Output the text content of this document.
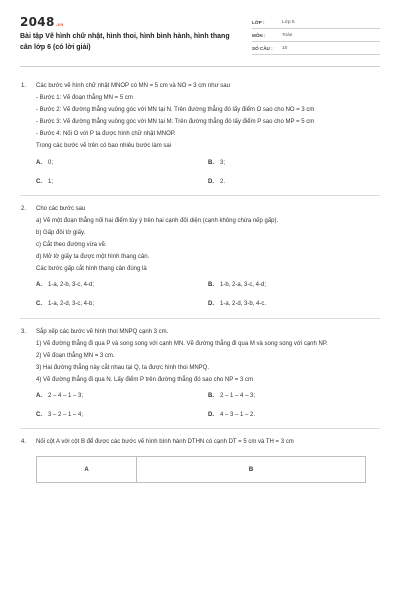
2048.vn
Bài tập Vẽ hình chữ nhật, hình thoi, hình bình hành, hình thang cân lớp 6 (có lời giải)
LỚP :	Lớp 6
MÔN :	Toán
SỐ CÂU :	10
1. Các bước vẽ hình chữ nhật MNOP có MN = 5 cm và NO = 3 cm như sau
- Bước 1: Vẽ đoạn thẳng MN = 5 cm
- Bước 2: Vẽ đường thẳng vuông góc với MN tại N. Trên đường thẳng đó lấy điểm O sao cho NO = 3 cm
- Bước 3: Vẽ đường thẳng vuông góc với MN tại M. Trên đường thẳng đó lấy điểm P sao cho MP = 5 cm
- Bước 4: Nối O với P ta được hình chữ nhật MNOP.
Trong các bước vẽ trên có bao nhiêu bước làm sai
A.	0;	B.	3;
C.	1;	D.	2.
2. Cho các bước sau
a) Vẽ một đoạn thẳng nối hai điểm tùy ý trên hai cạnh đối diện (cạnh không chứa nếp gấp).
b) Gấp đôi tờ giấy.
c) Cắt theo đường vừa vẽ.
d) Mở tờ giấy ta được một hình thang cân.
Các bước gấp cắt hình thang cân đúng là
A.	1-a, 2-b, 3-c, 4-d;	B.	1-b, 2-a, 3-c, 4-d;
C.	1-a, 2-d, 3-c, 4-b;	D.	1-a, 2-d, 3-b, 4-c.
3. Sắp xếp các bước vẽ hình thoi MNPQ cạnh 3 cm.
1) Vẽ đường thẳng đi qua P và song song với cạnh MN. Vẽ đường thẳng đi qua M và song song với cạnh NP.
2) Vẽ đoạn thẳng MN = 3 cm.
3) Hai đường thẳng này cắt nhau tại Q, ta được hình thoi MNPQ.
4) Vẽ đường thẳng đi qua N. Lấy điểm P trên đường thẳng đó sao cho NP = 3 cm
A.	2 – 4 – 1 – 3;	B.	2 – 1 – 4 – 3;
C.	3 – 2 – 1 – 4;	D.	4 – 3 – 1 – 2.
4. Nối cột A với cột B để được các bước vẽ hình bình hành DTHN có cạnh DT = 5 cm và TH = 3 cm
A	B
